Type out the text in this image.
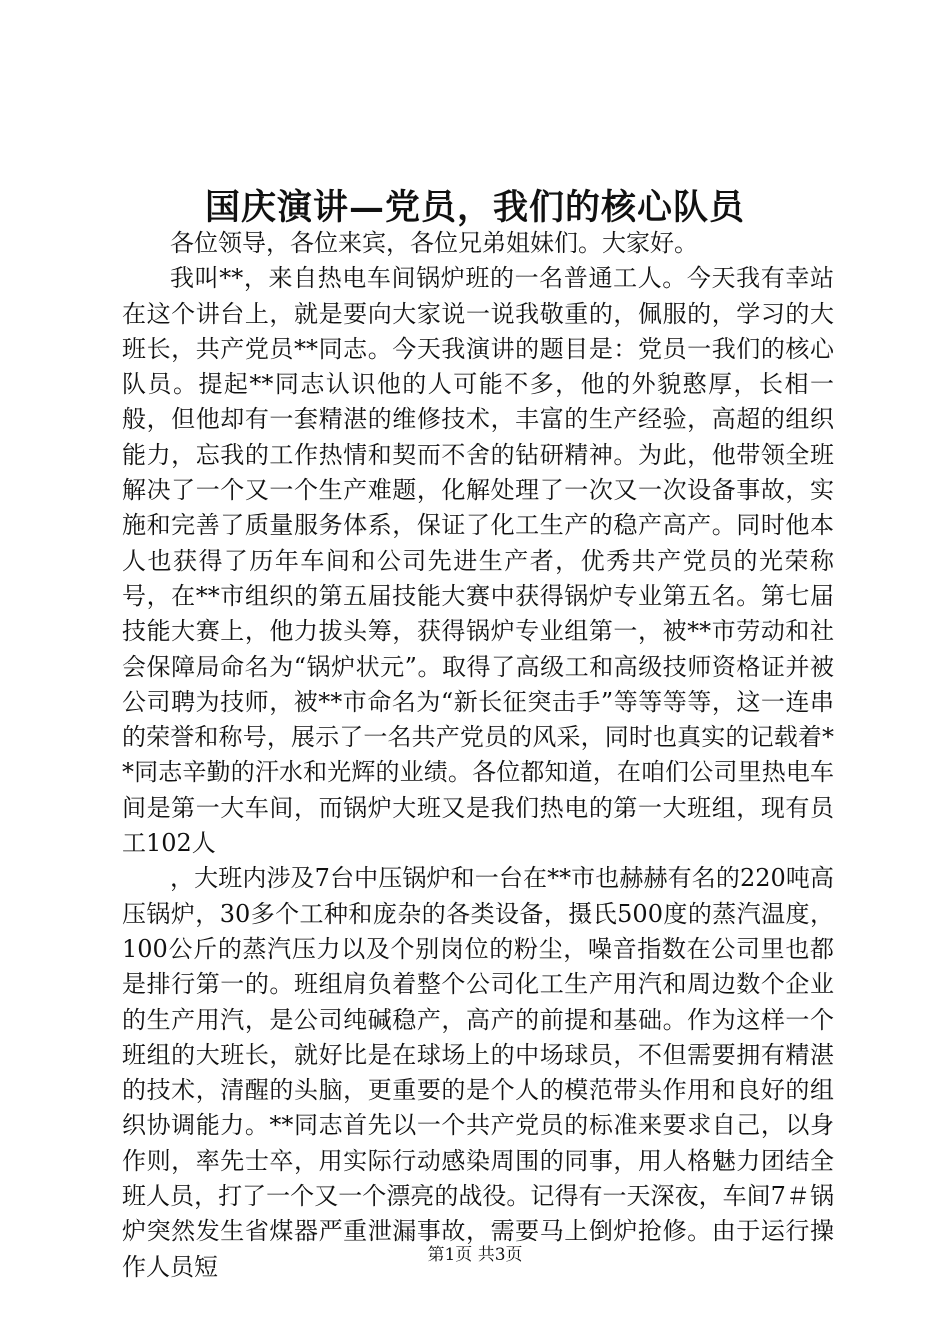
国庆演讲—党员，我们的核心队员

各位领导，各位来宾，各位兄弟姐妹们。大家好。

我叫**，来自热电车间锅炉班的一名普通工人。今天我有幸站在这个讲台上，就是要向大家说一说我敬重的，佩服的，学习的大班长，共产党员**同志。今天我演讲的题目是：党员一我们的核心队员。提起**同志认识他的人可能不多，他的外貌憨厚，长相一般，但他却有一套精湛的维修技术，丰富的生产经验，高超的组织能力，忘我的工作热情和契而不舍的钻研精神。为此，他带领全班解决了一个又一个生产难题，化解处理了一次又一次设备事故，实施和完善了质量服务体系，保证了化工生产的稳产高产。同时他本人也获得了历年车间和公司先进生产者，优秀共产党员的光荣称号，在**市组织的第五届技能大赛中获得锅炉专业第五名。第七届技能大赛上，他力拔头筹，获得锅炉专业组第一，被**市劳动和社会保障局命名为“锅炉状元”。取得了高级工和高级技师资格证并被公司聘为技师，被**市命名为“新长征突击手”等等等等，这一连串的荣誉和称号，展示了一名共产党员的风采，同时也真实的记载着**同志辛勤的汗水和光辉的业绩。各位都知道，在咱们公司里热电车间是第一大车间，而锅炉大班又是我们热电的第一大班组，现有员工102人

，大班内涉及7台中压锅炉和一台在**市也赫赫有名的220吨高压锅炉，30多个工种和庞杂的各类设备，摄氏500度的蒸汽温度，100公斤的蒸汽压力以及个别岗位的粉尘，噪音指数在公司里也都是排行第一的。班组肩负着整个公司化工生产用汽和周边数个企业的生产用汽，是公司纯碱稳产，高产的前提和基础。作为这样一个班组的大班长，就好比是在球场上的中场球员，不但需要拥有精湛的技术，清醒的头脑，更重要的是个人的模范带头作用和良好的组织协调能力。**同志首先以一个共产党员的标准来要求自己，以身作则，率先士卒，用实际行动感染周围的同事，用人格魅力团结全班人员，打了一个又一个漂亮的战役。记得有一天深夜，车间7＃锅炉突然发生省煤器严重泄漏事故，需要马上倒炉抢修。由于运行操作人员短	第1页 共3页
